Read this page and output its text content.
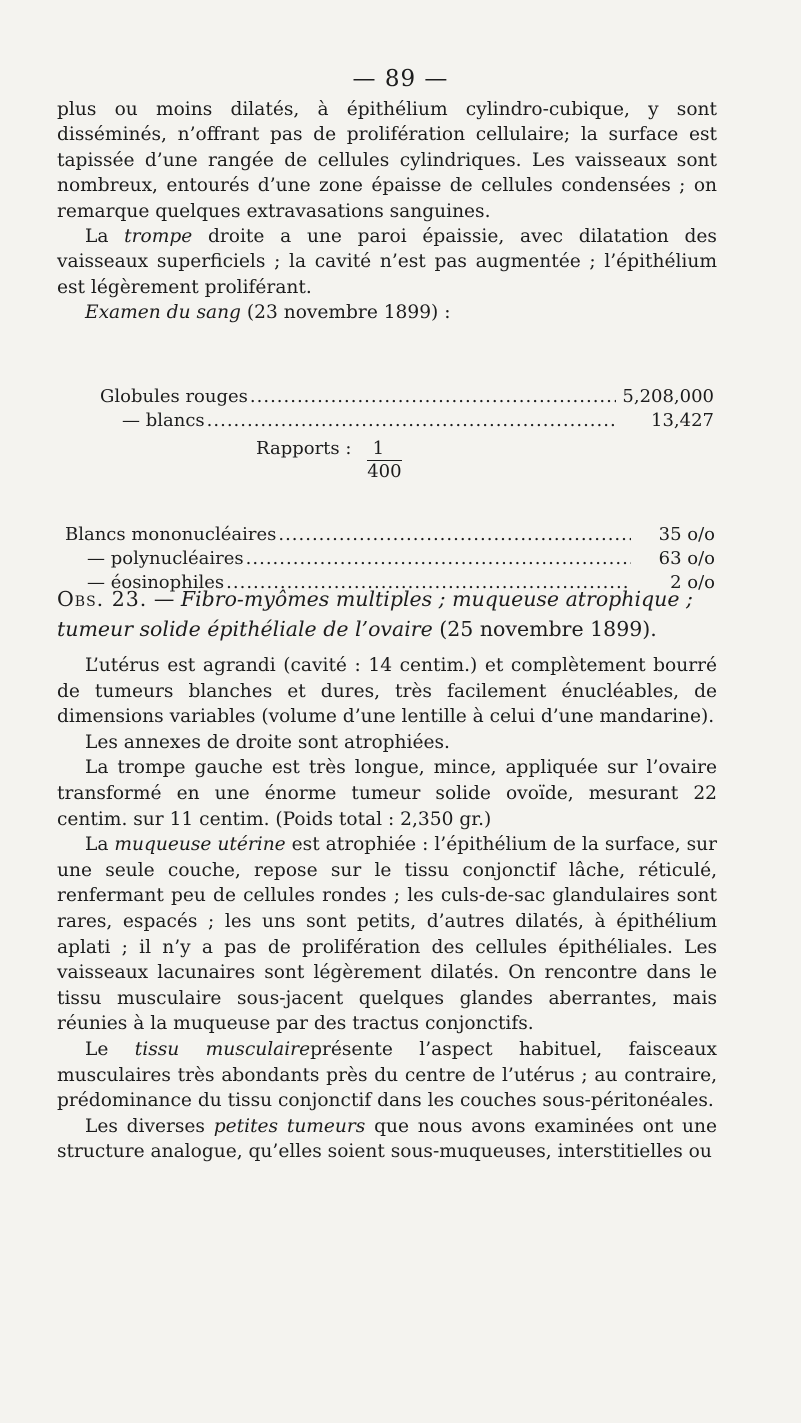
— 89 —

plus ou moins dilatés, à épithélium cylindro-cubique, y sont disséminés, n’offrant pas de prolifération cellulaire; la surface est tapissée d’une rangée de cellules cylindriques. Les vaisseaux sont nombreux, entourés d’une zone épaisse de cellules condensées ; on remarque quelques extravasations sanguines.

La trompe droite a une paroi épaissie, avec dilatation des vaisseaux superficiels ; la cavité n’est pas augmentée ; l’épithélium est légèrement proliférant.

Examen du sang (23 novembre 1899) :

Globules rouges .....	5,208,000
— blancs .....	13,427
Rapports : $\frac{1}{400}$
Blancs mononucléaires .....	35 o/o
— polynucléaires .....	63 o/o
— éosinophiles .....	2 o/o
Obs. 23. — Fibro-myômes multiples ; muqueuse atrophique ; tumeur solide épithéliale de l’ovaire (25 novembre 1899).

L’utérus est agrandi (cavité : 14 centim.) et complètement bourré de tumeurs blanches et dures, très facilement énucléables, de dimensions variables (volume d’une lentille à celui d’une mandarine).

Les annexes de droite sont atrophiées.

La trompe gauche est très longue, mince, appliquée sur l’ovaire transformé en une énorme tumeur solide ovoïde, mesurant 22 centim. sur 11 centim. (Poids total : 2,350 gr.)

La muqueuse utérine est atrophiée : l’épithélium de la surface, sur une seule couche, repose sur le tissu conjonctif lâche, réticulé, renfermant peu de cellules rondes ; les culs-de-sac glandulaires sont rares, espacés ; les uns sont petits, d’autres dilatés, à épithélium aplati ; il n’y a pas de prolifération des cellules épithéliales. Les vaisseaux lacunaires sont légèrement dilatés. On rencontre dans le tissu musculaire sous-jacent quelques glandes aberrantes, mais réunies à la muqueuse par des tractus conjonctifs.

Le tissu musculaireprésente l’aspect habituel, faisceaux musculaires très abondants près du centre de l’utérus ; au contraire, prédominance du tissu conjonctif dans les couches sous-péritonéales.

Les diverses petites tumeurs que nous avons examinées ont une structure analogue, qu’elles soient sous-muqueuses, interstitielles ou
